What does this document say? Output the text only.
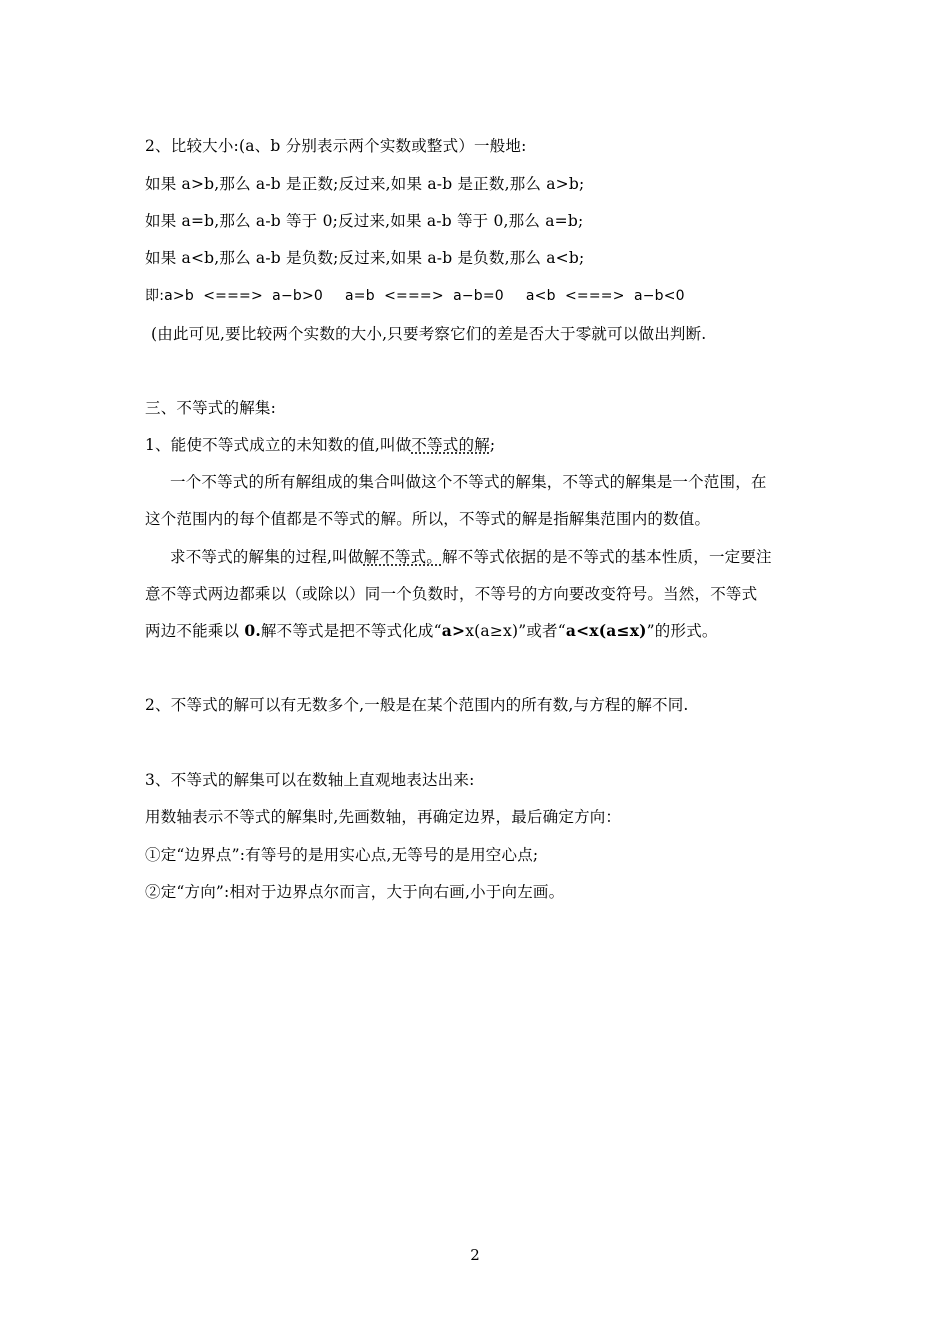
2、比较大小:(a、b 分别表示两个实数或整式）一般地:
如果 a>b,那么 a-b 是正数;反过来,如果 a-b 是正数,那么 a>b;
如果 a=b,那么 a-b 等于 0;反过来,如果 a-b 等于 0,那么 a=b;
如果 a<b,那么 a-b 是负数;反过来,如果 a-b 是负数,那么 a<b;
即:a>b  <===>  a−b>0 a=b  <===>  a−b=0 a<b  <===>  a−b<0
(由此可见,要比较两个实数的大小,只要考察它们的差是否大于零就可以做出判断.
三、不等式的解集:
1、能使不等式成立的未知数的值,叫做不等式的解;
一个不等式的所有解组成的集合叫做这个不等式的解集，不等式的解集是一个范围，在
这个范围内的每个值都是不等式的解。所以，不等式的解是指解集范围内的数值。
求不等式的解集的过程,叫做解不等式。解不等式依据的是不等式的基本性质，一定要注
意不等式两边都乘以（或除以）同一个负数时，不等号的方向要改变符号。当然，不等式
两边不能乘以 0.解不等式是把不等式化成“a>x(a≥x)”或者“a<x(a≤x)”的形式。
2、不等式的解可以有无数多个,一般是在某个范围内的所有数,与方程的解不同.
3、不等式的解集可以在数轴上直观地表达出来:
用数轴表示不等式的解集时,先画数轴，再确定边界，最后确定方向：
①定“边界点”:有等号的是用实心点,无等号的是用空心点;
②定“方向”:相对于边界点尔而言，大于向右画,小于向左画。
2
